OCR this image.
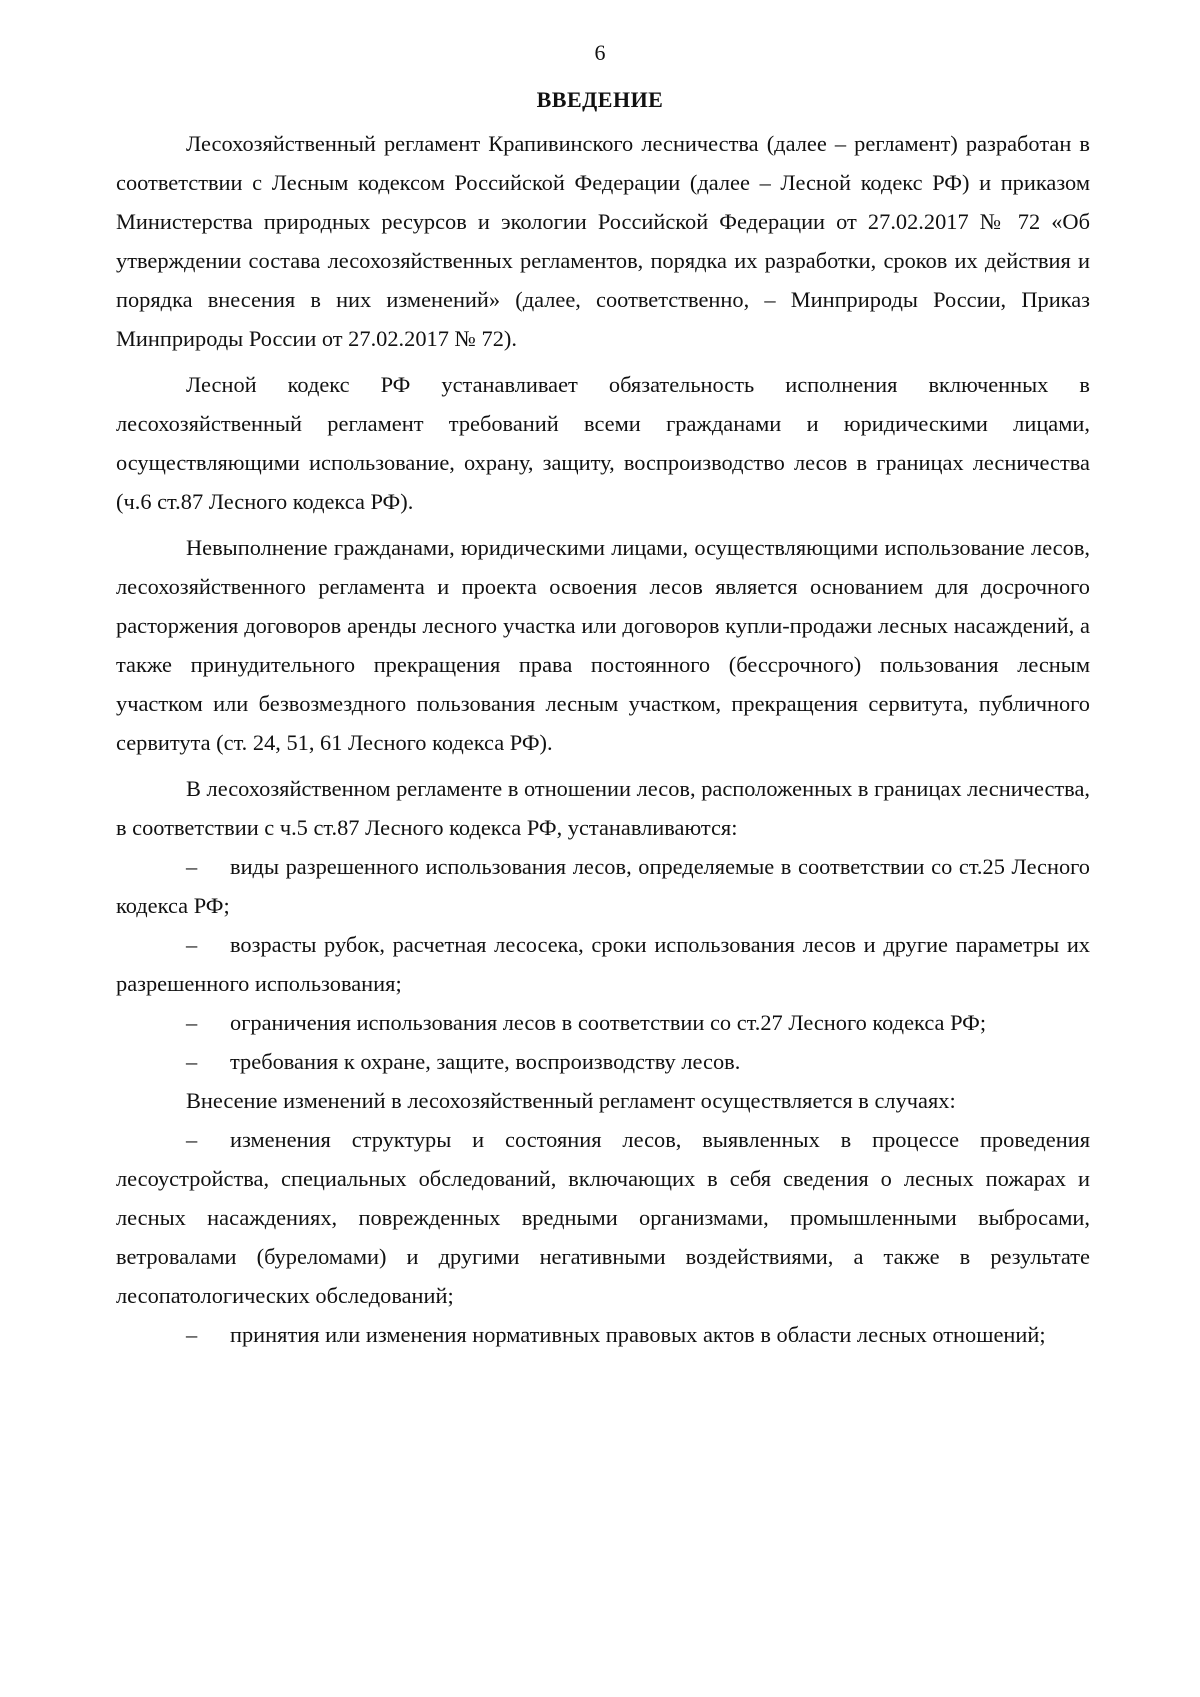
6
ВВЕДЕНИЕ

Лесохозяйственный регламент Крапивинского лесничества (далее – регламент) разработан в соответствии с Лесным кодексом Российской Федерации (далее – Лесной кодекс РФ) и приказом Министерства природных ресурсов и экологии Российской Федерации от 27.02.2017 № 72 «Об утверждении состава лесохозяйственных регламентов, порядка их разработки, сроков их действия и порядка внесения в них изменений» (далее, соответственно, – Минприроды России, Приказ Минприроды России от 27.02.2017 № 72).

Лесной кодекс РФ устанавливает обязательность исполнения включенных в лесохозяйственный регламент требований всеми гражданами и юридическими лицами, осуществляющими использование, охрану, защиту, воспроизводство лесов в границах лесничества (ч.6 ст.87 Лесного кодекса РФ).

Невыполнение гражданами, юридическими лицами, осуществляющими использование лесов, лесохозяйственного регламента и проекта освоения лесов является основанием для досрочного расторжения договоров аренды лесного участка или договоров купли-продажи лесных насаждений, а также принудительного прекращения права постоянного (бессрочного) пользования лесным участком или безвозмездного пользования лесным участком, прекращения сервитута, публичного сервитута (ст. 24, 51, 61 Лесного кодекса РФ).

В лесохозяйственном регламенте в отношении лесов, расположенных в границах лесничества, в соответствии с ч.5 ст.87 Лесного кодекса РФ, устанавливаются:

– виды разрешенного использования лесов, определяемые в соответствии со ст.25 Лесного кодекса РФ;

– возрасты рубок, расчетная лесосека, сроки использования лесов и другие параметры их разрешенного использования;

– ограничения использования лесов в соответствии со ст.27 Лесного кодекса РФ;

– требования к охране, защите, воспроизводству лесов.

Внесение изменений в лесохозяйственный регламент осуществляется в случаях:

– изменения структуры и состояния лесов, выявленных в процессе проведения лесоустройства, специальных обследований, включающих в себя сведения о лесных пожарах и лесных насаждениях, поврежденных вредными организмами, промышленными выбросами, ветровалами (буреломами) и другими негативными воздействиями, а также в результате лесопатологических обследований;

– принятия или изменения нормативных правовых актов в области лесных отношений;
